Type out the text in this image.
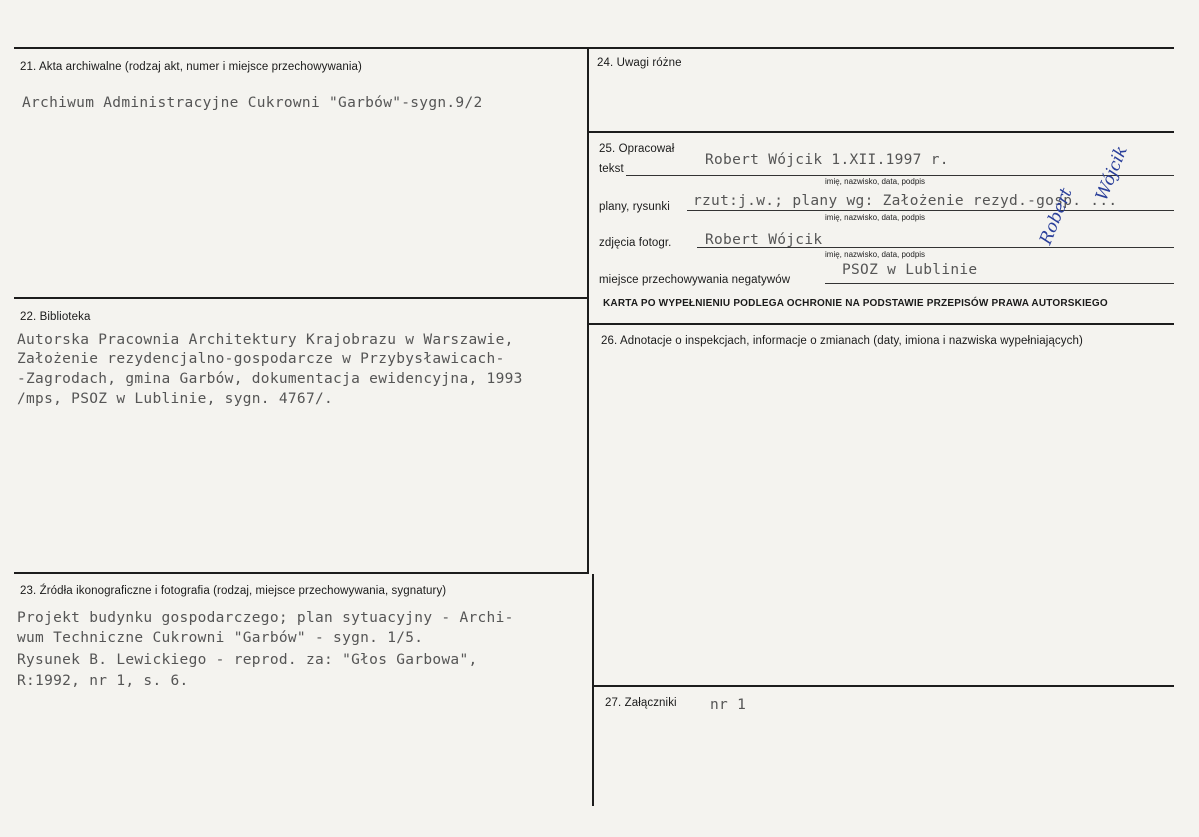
21. Akta archiwalne (rodzaj akt, numer i miejsce przechowywania)
Archiwum Administracyjne Cukrowni "Garbów"-sygn.9/2
22. Biblioteka
Autorska Pracownia Architektury Krajobrazu w Warszawie,
Założenie rezydencjalno-gospodarcze w Przybysławicach-
-Zagrodach, gmina Garbów, dokumentacja ewidencyjna, 1993
/mps, PSOZ w Lublinie, sygn. 4767/.
23. Źródła ikonograficzne i fotografia (rodzaj, miejsce przechowywania, sygnatury)
Projekt budynku gospodarczego; plan sytuacyjny - Archi-
wum Techniczne Cukrowni "Garbów" - sygn. 1/5.
Rysunek B. Lewickiego - reprod. za: "Głos Garbowa",
R:1992, nr 1, s. 6.
24. Uwagi różne
25. Opracował
tekst
Robert Wójcik 1.XII.1997 r.
imię, nazwisko, data, podpis
plany, rysunki rzut:j.w.; plany wg: Założenie rezyd.-gosp. ...
imię, nazwisko, data, podpis
zdjęcia fotogr. Robert Wójcik
imię, nazwisko, data, podpis
miejsce przechowywania negatywów
PSOZ w Lublinie
KARTA PO WYPEŁNIENIU PODLEGA OCHRONIE NA PODSTAWIE PRZEPISÓW PRAWA AUTORSKIEGO
Robert
Wójcik
26. Adnotacje o inspekcjach, informacje o zmianach (daty, imiona i nazwiska wypełniających)
27. Załączniki nr 1
